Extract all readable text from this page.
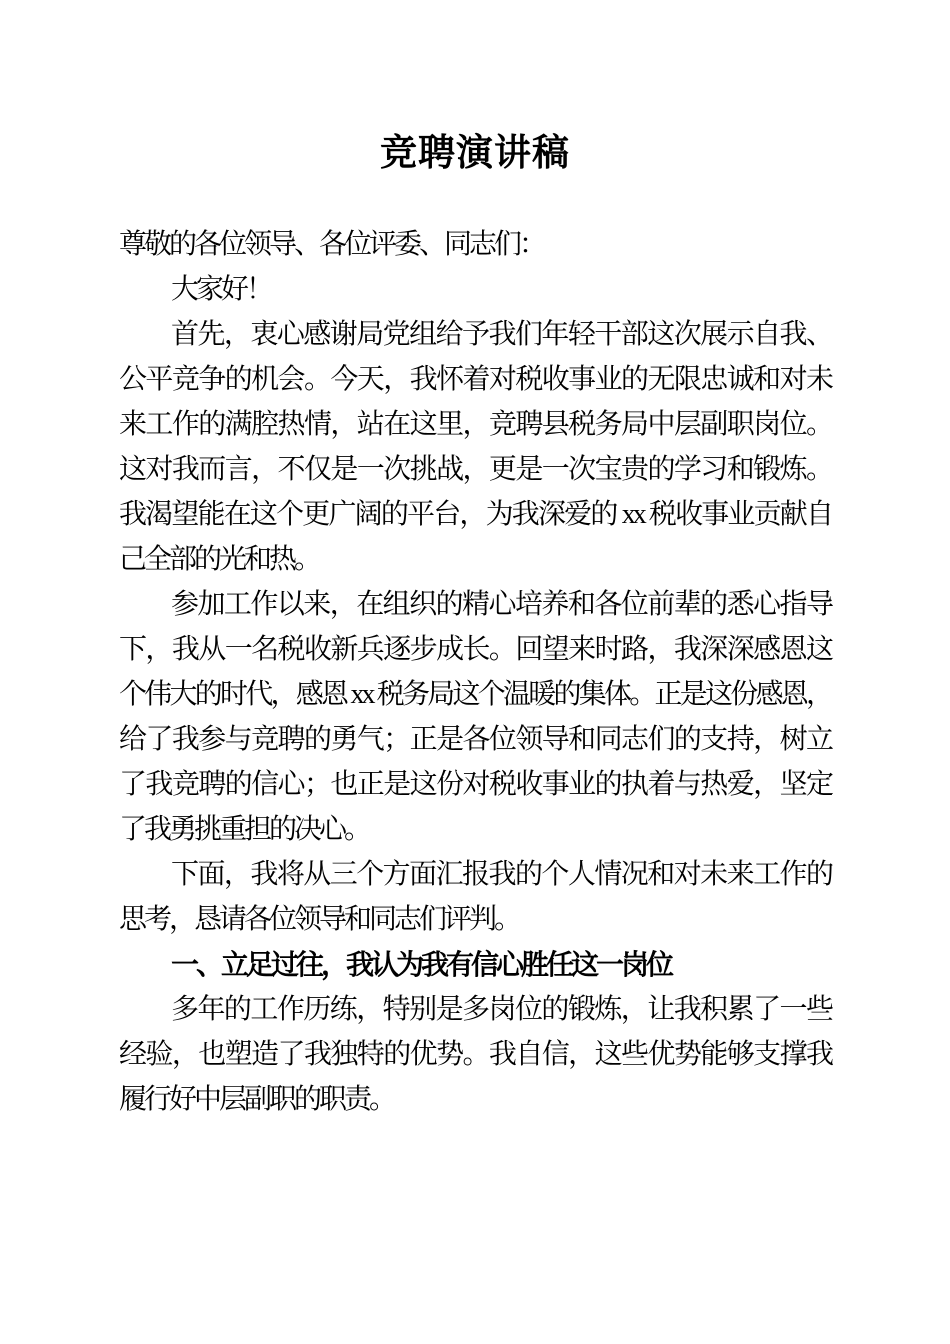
竞聘演讲稿
尊敬的各位领导、各位评委、同志们：
大家好！
首先，衷心感谢局党组给予我们年轻干部这次展示自我、
公平竞争的机会。今天，我怀着对税收事业的无限忠诚和对未
来工作的满腔热情，站在这里，竞聘县税务局中层副职岗位。
这对我而言，不仅是一次挑战，更是一次宝贵的学习和锻炼。
我渴望能在这个更广阔的平台，为我深爱的 xx 税收事业贡献自
己全部的光和热。
参加工作以来，在组织的精心培养和各位前辈的悉心指导
下，我从一名税收新兵逐步成长。回望来时路，我深深感恩这
个伟大的时代，感恩 xx 税务局这个温暖的集体。正是这份感恩，
给了我参与竞聘的勇气；正是各位领导和同志们的支持，树立
了我竞聘的信心；也正是这份对税收事业的执着与热爱，坚定
了我勇挑重担的决心。
下面，我将从三个方面汇报我的个人情况和对未来工作的
思考，恳请各位领导和同志们评判。
一、立足过往，我认为我有信心胜任这一岗位
多年的工作历练，特别是多岗位的锻炼，让我积累了一些
经验，也塑造了我独特的优势。我自信，这些优势能够支撑我
履行好中层副职的职责。
